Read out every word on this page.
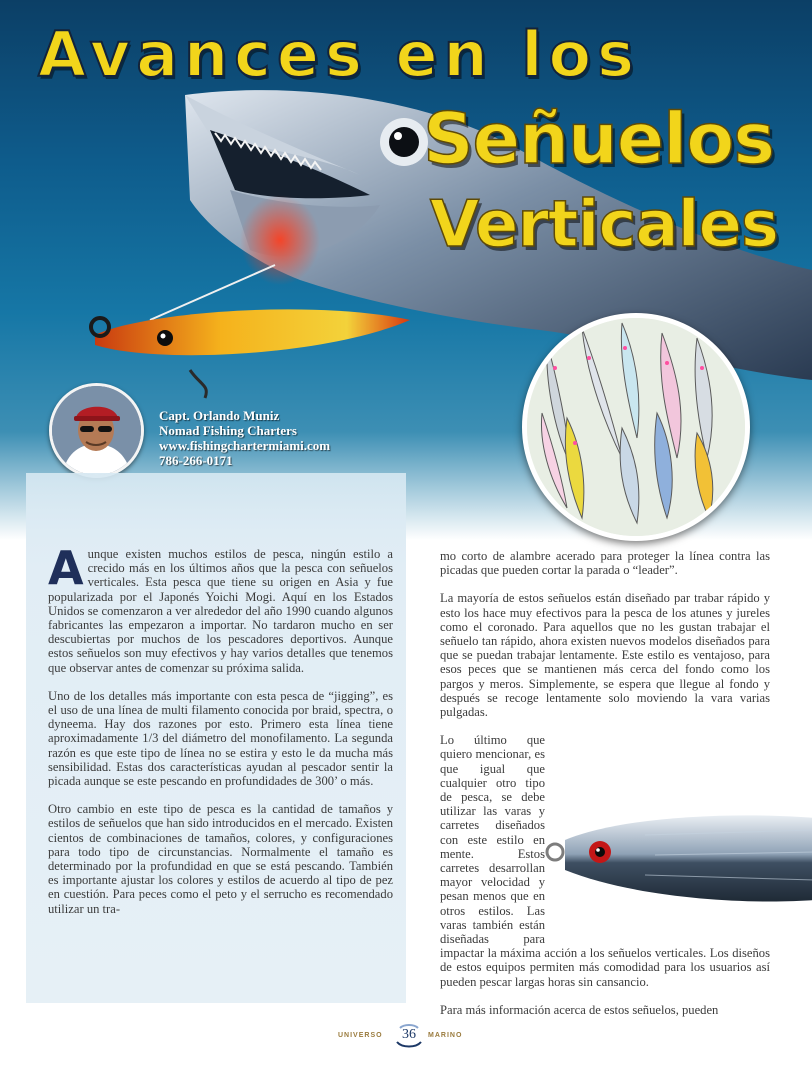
Avances en los
Señuelos
Verticales
Capt. Orlando Muniz
Nomad Fishing Charters
www.fishingchartermiami.com
786-266-0171

A unque existen muchos estilos de pesca, ningún estilo a crecido más en los últimos años que la pesca con señuelos verticales. Esta pesca que tiene su origen en Asia y fue popularizada por el Japonés Yoichi Mogi. Aquí en los Estados Unidos se comenzaron a ver alrededor del año 1990 cuando algunos fabricantes las empezaron a importar. No tardaron mucho en ser descubiertas por muchos de los pescadores deportivos. Aunque estos señuelos son muy efectivos y hay varios detalles que tenemos que observar antes de comenzar su próxima salida.

Uno de los detalles más importante con esta pesca de “jigging”, es el uso de una línea de multi filamento conocida por braid, spectra, o dyneema. Hay dos razones por esto. Primero esta línea tiene aproximadamente 1/3 del diámetro del monofilamento. La segunda razón es que este tipo de línea no se estira y esto le da mucha más sensibilidad. Estas dos características ayudan al pescador sentir la picada aunque se este pescando en profundidades de 300’ o más.

Otro cambio en este tipo de pesca es la cantidad de tamaños y estilos de señuelos que han sido introducidos en el mercado. Existen cientos de combinaciones de tamaños, colores, y configuraciones para todo tipo de circunstancias. Normalmente el tamaño es determinado por la profundidad en que se está pescando. También es importante ajustar los colores y estilos de acuerdo al tipo de pez en cuestión. Para peces como el peto y el serrucho es recomendado utilizar un tra-

mo corto de alambre acerado para proteger la línea contra las picadas que pueden cortar la parada o “leader”.

La mayoría de estos señuelos están diseñado par trabar rápido y esto los hace muy efectivos para la pesca de los atunes y jureles como el coronado. Para aquellos que no les gustan trabajar el señuelo tan rápido, ahora existen nuevos modelos diseñados para que se puedan trabajar lentamente. Este estilo es ventajoso, para esos peces que se mantienen más cerca del fondo como los pargos y meros. Simplemente, se espera que llegue al fondo y después se recoge lentamente solo moviendo la vara varias pulgadas.

Lo último que quiero mencionar, es que igual que cualquier otro tipo de pesca, se debe utilizar las varas y carretes diseñados con este estilo en mente. Estos carretes desarrollan mayor velocidad y pesan menos que en otros estilos. Las varas también están diseñadas para impactar la máxima acción a los señuelos verticales. Los diseños de estos equipos permiten más comodidad para los usuarios así pueden pescar largas horas sin cansancio.

Para más información acerca de estos señuelos, pueden

UNIVERSO	36	MARINO
